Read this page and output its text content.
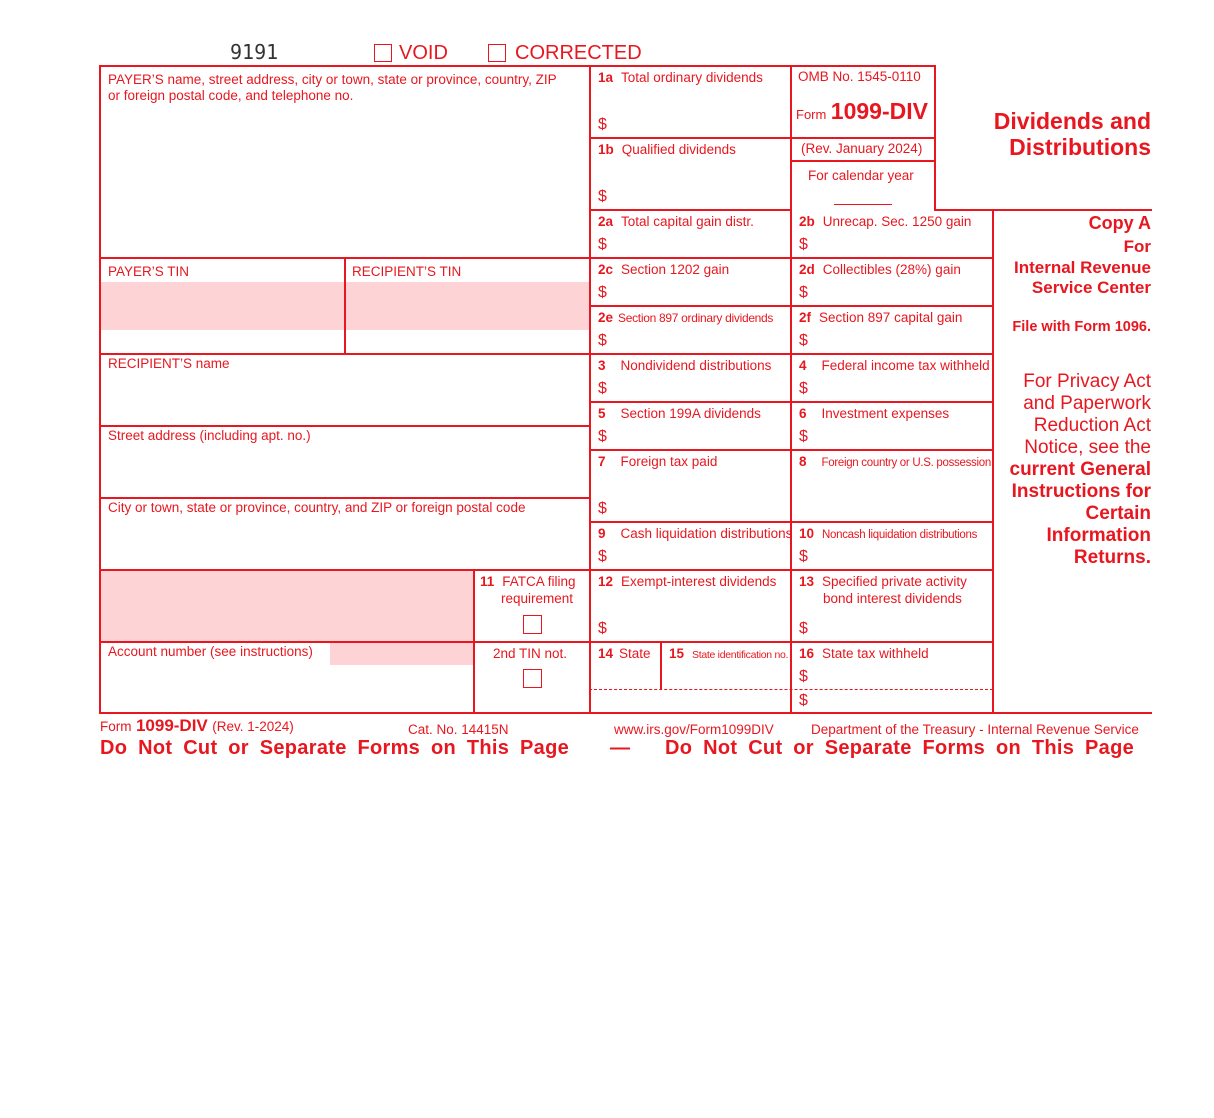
9191	VOID	CORRECTED
PAYER’S name, street address, city or town, state or province, country, ZIP
or foreign postal code, and telephone no.
PAYER’S TIN	RECIPIENT’S TIN
RECIPIENT’S name
Street address (including apt. no.)
City or town, state or province, country, and ZIP or foreign postal code
Account number (see instructions)
11 FATCA filing
requirement
2nd TIN not.
1a Total ordinary dividends
$
1b Qualified dividends
$
2a Total capital gain distr.
$
2c Section 1202 gain
$
2e Section 897 ordinary dividends
$
3 Nondividend distributions
$
5 Section 199A dividends
$
7 Foreign tax paid
$
9 Cash liquidation distributions
$
12 Exempt-interest dividends
$
14 State 15 State identification no.
OMB No. 1545-0110
Form 1099-DIV
(Rev. January 2024)
For calendar year
Dividends and
Distributions
2b Unrecap. Sec. 1250 gain
$
2d Collectibles (28%) gain
$
2f Section 897 capital gain
$
4 Federal income tax withheld
$
6 Investment expenses
$
8 Foreign country or U.S. possession
10 Noncash liquidation distributions
$
13 Specified private activity
bond interest dividends
$
16 State tax withheld
$
$
Copy A
For
Internal Revenue
Service Center
File with Form 1096.
For Privacy Act
and Paperwork
Reduction Act
Notice, see the
current General
Instructions for
Certain
Information
Returns.
Form 1099-DIV (Rev. 1-2024)	Cat. No. 14415N	www.irs.gov/Form1099DIV	Department of the Treasury - Internal Revenue Service
Do Not Cut or Separate Forms on This Page — Do Not Cut or Separate Forms on This Page
